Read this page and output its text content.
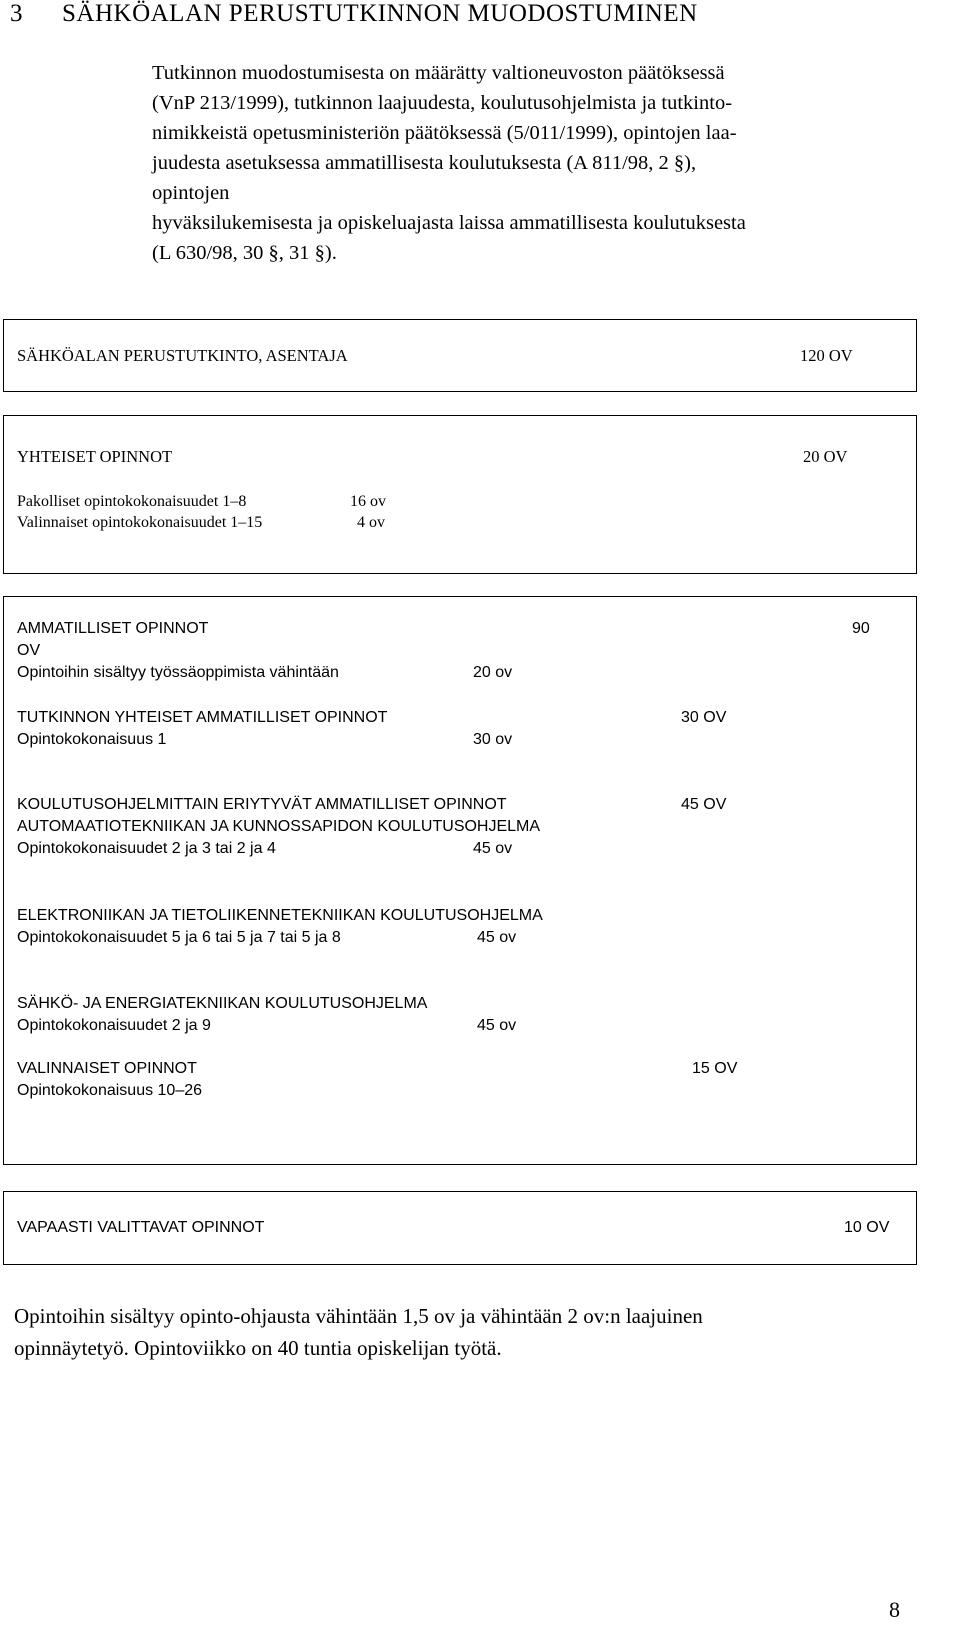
3 SÄHKÖALAN PERUSTUTKINNON MUODOSTUMINEN
Tutkinnon muodostumisesta on määrätty valtioneuvoston päätöksessä
(VnP 213/1999), tutkinnon laajuudesta, koulutusohjelmista ja tutkinto-
nimikkeistä opetusministeriön päätöksessä (5/011/1999), opintojen laa-
juudesta asetuksessa ammatillisesta koulutuksesta (A 811/98, 2 §),
opintojen
hyväksilukemisesta ja opiskeluajasta laissa ammatillisesta koulutuksesta
(L 630/98, 30 §, 31 §).
SÄHKÖALAN PERUSTUTKINTO, ASENTAJA	120 OV
YHTEISET OPINNOT	20 OV
Pakolliset opintokokonaisuudet 1–8	16 ov
Valinnaiset opintokokonaisuudet 1–15	4 ov
AMMATILLISET OPINNOT	90
OV
Opintoihin sisältyy työssäoppimista vähintään	20 ov
TUTKINNON YHTEISET AMMATILLISET OPINNOT	30 OV
Opintokokonaisuus 1	30 ov
KOULUTUSOHJELMITTAIN ERIYTYVÄT AMMATILLISET OPINNOT	45 OV
AUTOMAATIOTEKNIIKAN JA KUNNOSSAPIDON KOULUTUSOHJELMA
Opintokokonaisuudet 2 ja 3 tai 2 ja 4	45 ov
ELEKTRONIIKAN JA TIETOLIIKENNETEKNIIKAN KOULUTUSOHJELMA
Opintokokonaisuudet 5 ja 6 tai 5 ja 7 tai 5 ja 8	45 ov
SÄHKÖ- JA ENERGIATEKNIIKAN KOULUTUSOHJELMA
Opintokokonaisuudet 2 ja 9	45 ov
VALINNAISET OPINNOT	15 OV
Opintokokonaisuus 10–26
VAPAASTI VALITTAVAT OPINNOT	10 OV
Opintoihin sisältyy opinto-ohjausta vähintään 1,5 ov ja vähintään 2 ov:n laajuinen
opinnäytetyö. Opintoviikko on 40 tuntia opiskelijan työtä.
8
